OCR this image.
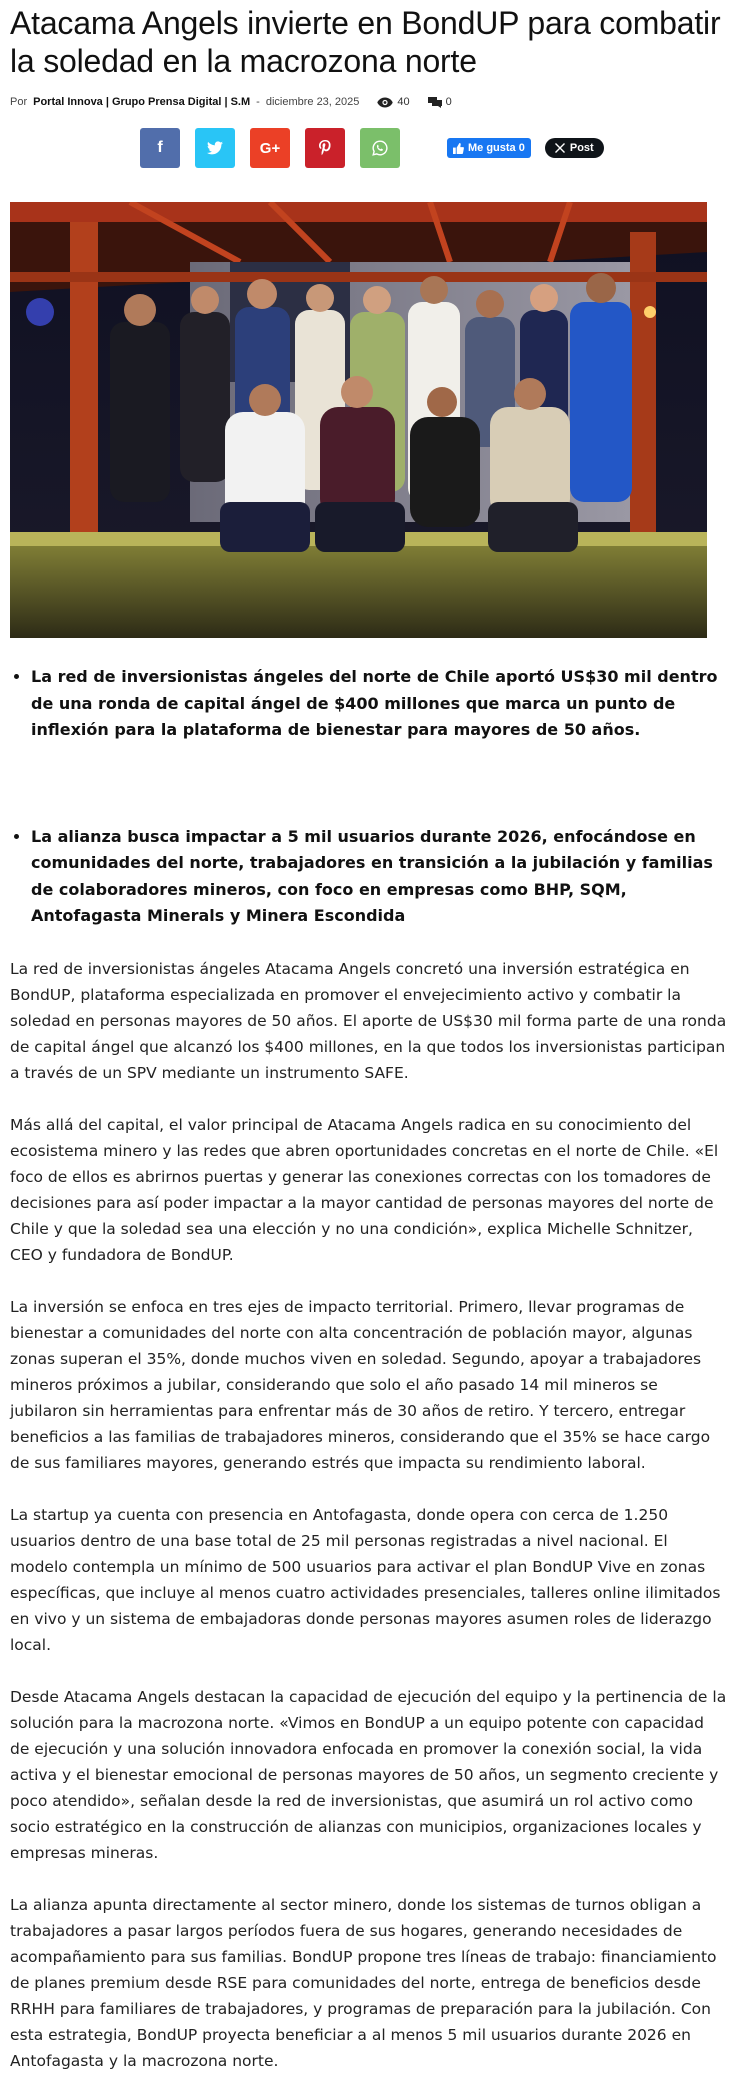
Atacama Angels invierte en BondUP para combatir la soledad en la macrozona norte
Por Portal Innova | Grupo Prensa Digital | S.M - diciembre 23, 2025	40	0
f	G+	Me gusta 0	Post
• La red de inversionistas ángeles del norte de Chile aportó US$30 mil dentro de una ronda de capital ángel de $400 millones que marca un punto de inflexión para la plataforma de bienestar para mayores de 50 años.
• La alianza busca impactar a 5 mil usuarios durante 2026, enfocándose en comunidades del norte, trabajadores en transición a la jubilación y familias de colaboradores mineros, con foco en empresas como BHP, SQM, Antofagasta Minerals y Minera Escondida

La red de inversionistas ángeles Atacama Angels concretó una inversión estratégica en BondUP, plataforma especializada en promover el envejecimiento activo y combatir la soledad en personas mayores de 50 años. El aporte de US$30 mil forma parte de una ronda de capital ángel que alcanzó los $400 millones, en la que todos los inversionistas participan a través de un SPV mediante un instrumento SAFE.

Más allá del capital, el valor principal de Atacama Angels radica en su conocimiento del ecosistema minero y las redes que abren oportunidades concretas en el norte de Chile. «El foco de ellos es abrirnos puertas y generar las conexiones correctas con los tomadores de decisiones para así poder impactar a la mayor cantidad de personas mayores del norte de Chile y que la soledad sea una elección y no una condición», explica Michelle Schnitzer, CEO y fundadora de BondUP.

La inversión se enfoca en tres ejes de impacto territorial. Primero, llevar programas de bienestar a comunidades del norte con alta concentración de población mayor, algunas zonas superan el 35%, donde muchos viven en soledad. Segundo, apoyar a trabajadores mineros próximos a jubilar, considerando que solo el año pasado 14 mil mineros se jubilaron sin herramientas para enfrentar más de 30 años de retiro. Y tercero, entregar beneficios a las familias de trabajadores mineros, considerando que el 35% se hace cargo de sus familiares mayores, generando estrés que impacta su rendimiento laboral.

La startup ya cuenta con presencia en Antofagasta, donde opera con cerca de 1.250 usuarios dentro de una base total de 25 mil personas registradas a nivel nacional. El modelo contempla un mínimo de 500 usuarios para activar el plan BondUP Vive en zonas específicas, que incluye al menos cuatro actividades presenciales, talleres online ilimitados en vivo y un sistema de embajadoras donde personas mayores asumen roles de liderazgo local.

Desde Atacama Angels destacan la capacidad de ejecución del equipo y la pertinencia de la solución para la macrozona norte. «Vimos en BondUP a un equipo potente con capacidad de ejecución y una solución innovadora enfocada en promover la conexión social, la vida activa y el bienestar emocional de personas mayores de 50 años, un segmento creciente y poco atendido», señalan desde la red de inversionistas, que asumirá un rol activo como socio estratégico en la construcción de alianzas con municipios, organizaciones locales y empresas mineras.

La alianza apunta directamente al sector minero, donde los sistemas de turnos obligan a trabajadores a pasar largos períodos fuera de sus hogares, generando necesidades de acompañamiento para sus familias. BondUP propone tres líneas de trabajo: financiamiento de planes premium desde RSE para comunidades del norte, entrega de beneficios desde RRHH para familiares de trabajadores, y programas de preparación para la jubilación. Con esta estrategia, BondUP proyecta beneficiar a al menos 5 mil usuarios durante 2026 en Antofagasta y la macrozona norte.
